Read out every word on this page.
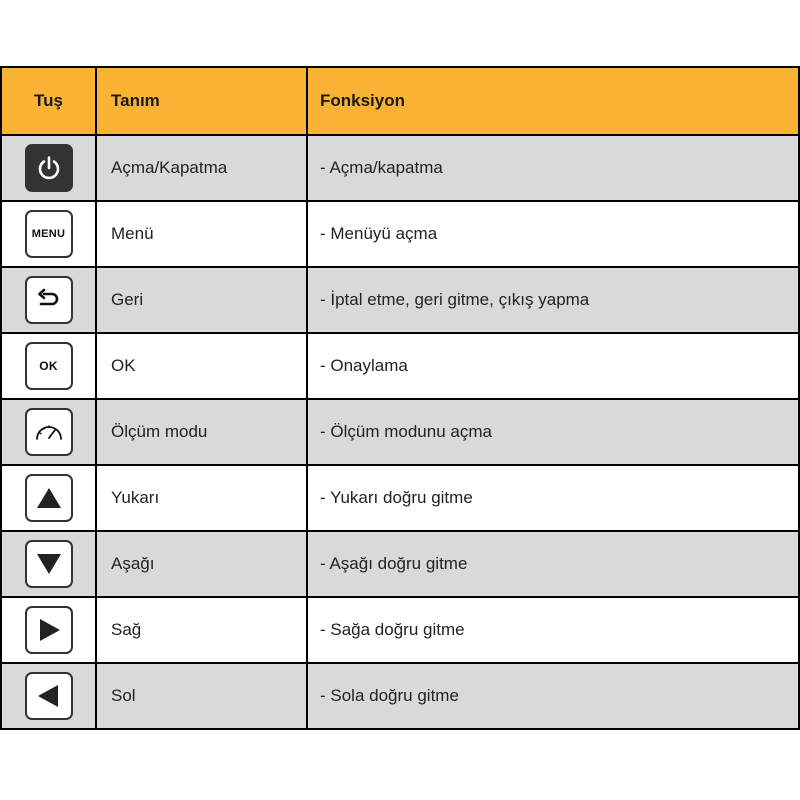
Tuş	Tanım	Fonksiyon

	Açma/Kapatma	- Açma/kapatma

MENU	Menü	- Menüyü açma

	Geri	- İptal etme, geri gitme, çıkış yapma

OK	OK	- Onaylama

	Ölçüm modu	- Ölçüm modunu açma

	Yukarı	- Yukarı doğru gitme

	Aşağı	- Aşağı doğru gitme

	Sağ	- Sağa doğru gitme

	Sol	- Sola doğru gitme
